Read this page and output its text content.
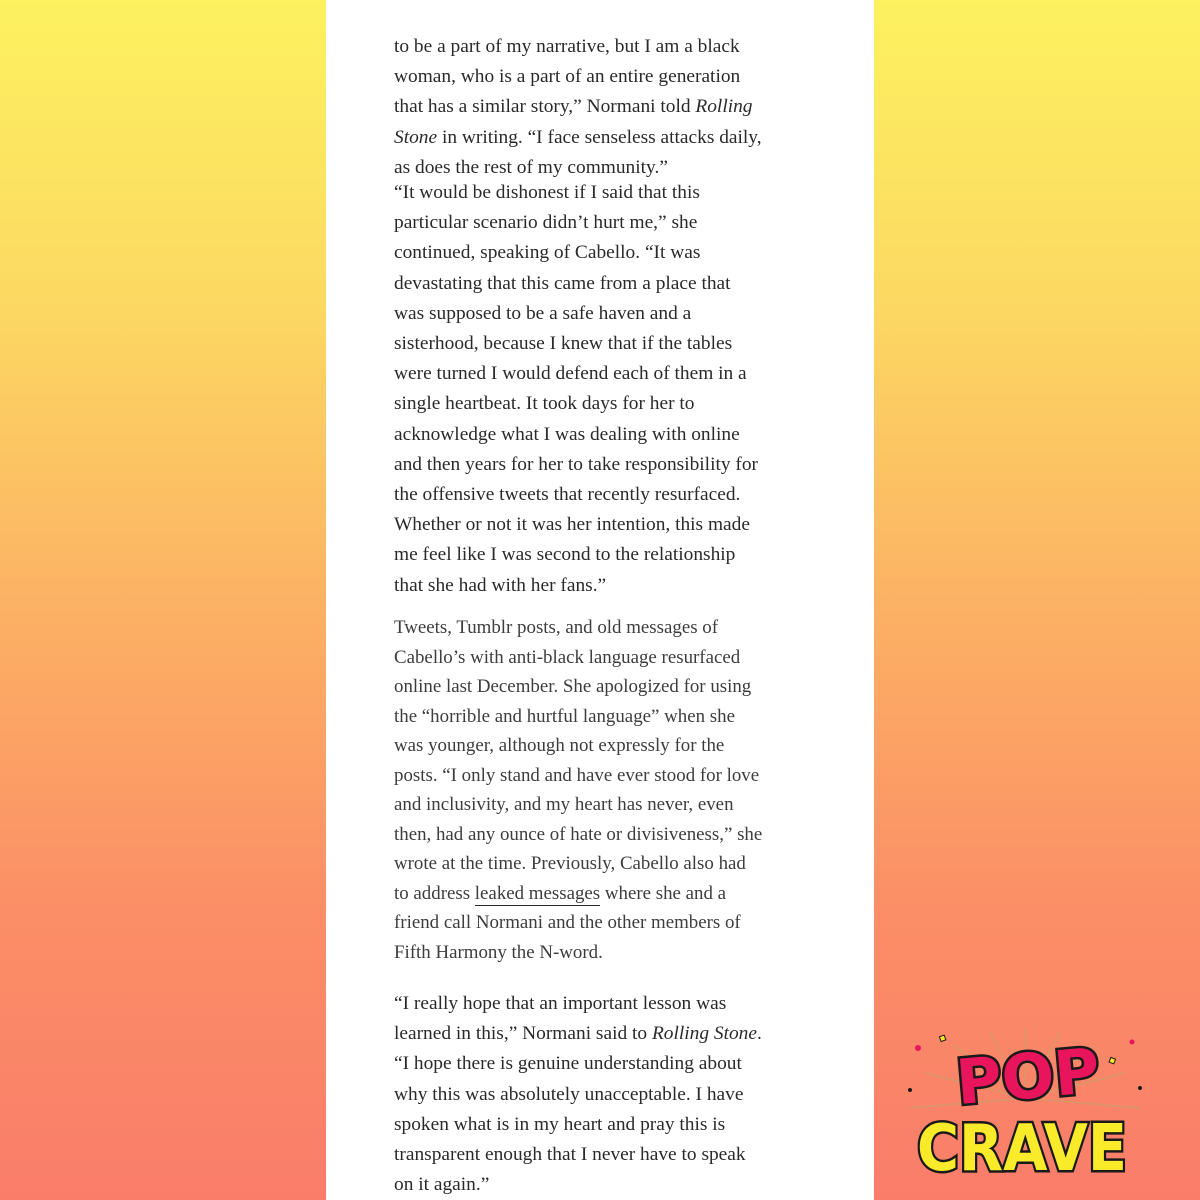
to be a part of my narrative, but I am a black
woman, who is a part of an entire generation
that has a similar story,” Normani told Rolling
Stone in writing. “I face senseless attacks daily,
as does the rest of my community.”

“It would be dishonest if I said that this
particular scenario didn’t hurt me,” she
continued, speaking of Cabello. “It was
devastating that this came from a place that
was supposed to be a safe haven and a
sisterhood, because I knew that if the tables
were turned I would defend each of them in a
single heartbeat. It took days for her to
acknowledge what I was dealing with online
and then years for her to take responsibility for
the offensive tweets that recently resurfaced.
Whether or not it was her intention, this made
me feel like I was second to the relationship
that she had with her fans.”

Tweets, Tumblr posts, and old messages of
Cabello’s with anti-black language resurfaced
online last December. She apologized for using
the “horrible and hurtful language” when she
was younger, although not expressly for the
posts. “I only stand and have ever stood for love
and inclusivity, and my heart has never, even
then, had any ounce of hate or divisiveness,” she
wrote at the time. Previously, Cabello also had
to address leaked messages where she and a
friend call Normani and the other members of
Fifth Harmony the N-word.

“I really hope that an important lesson was
learned in this,” Normani said to Rolling Stone.
“I hope there is genuine understanding about
why this was absolutely unacceptable. I have
spoken what is in my heart and pray this is
transparent enough that I never have to speak
on it again.”

POP
CRAVE
